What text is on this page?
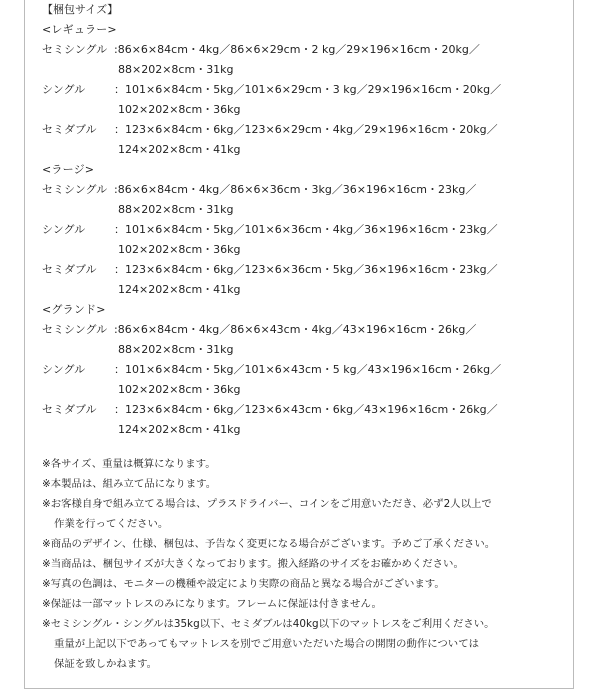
【梱包サイズ】
<レギュラー>
セミシングル : 86×6×84cm・4kg／86×6×29cm・2 kg／29×196×16cm・20kg／
88×202×8cm・31kg
シングル	： 101×6×84cm・5kg／101×6×29cm・3 kg／29×196×16cm・20kg／
102×202×8cm・36kg
セミダブル	： 123×6×84cm・6kg／123×6×29cm・4kg／29×196×16cm・20kg／
124×202×8cm・41kg
<ラージ>
セミシングル : 86×6×84cm・4kg／86×6×36cm・3kg／36×196×16cm・23kg／
88×202×8cm・31kg
シングル	： 101×6×84cm・5kg／101×6×36cm・4kg／36×196×16cm・23kg／
102×202×8cm・36kg
セミダブル	： 123×6×84cm・6kg／123×6×36cm・5kg／36×196×16cm・23kg／
124×202×8cm・41kg
<グランド>
セミシングル : 86×6×84cm・4kg／86×6×43cm・4kg／43×196×16cm・26kg／
88×202×8cm・31kg
シングル	： 101×6×84cm・5kg／101×6×43cm・5 kg／43×196×16cm・26kg／
102×202×8cm・36kg
セミダブル	： 123×6×84cm・6kg／123×6×43cm・6kg／43×196×16cm・26kg／
124×202×8cm・41kg
※各サイズ、重量は概算になります。
※本製品は、組み立て品になります。
※お客様自身で組み立てる場合は、プラスドライバー、コインをご用意いただき、必ず2人以上で
作業を行ってください。
※商品のデザイン、仕様、梱包は、予告なく変更になる場合がございます。予めご了承ください。
※当商品は、梱包サイズが大きくなっております。搬入経路のサイズをお確かめください。
※写真の色調は、モニターの機種や設定により実際の商品と異なる場合がございます。
※保証は一部マットレスのみになります。フレームに保証は付きません。
※セミシングル・シングルは35kg以下、セミダブルは40kg以下のマットレスをご利用ください。
重量が上記以下であってもマットレスを別でご用意いただいた場合の開閉の動作については
保証を致しかねます。
